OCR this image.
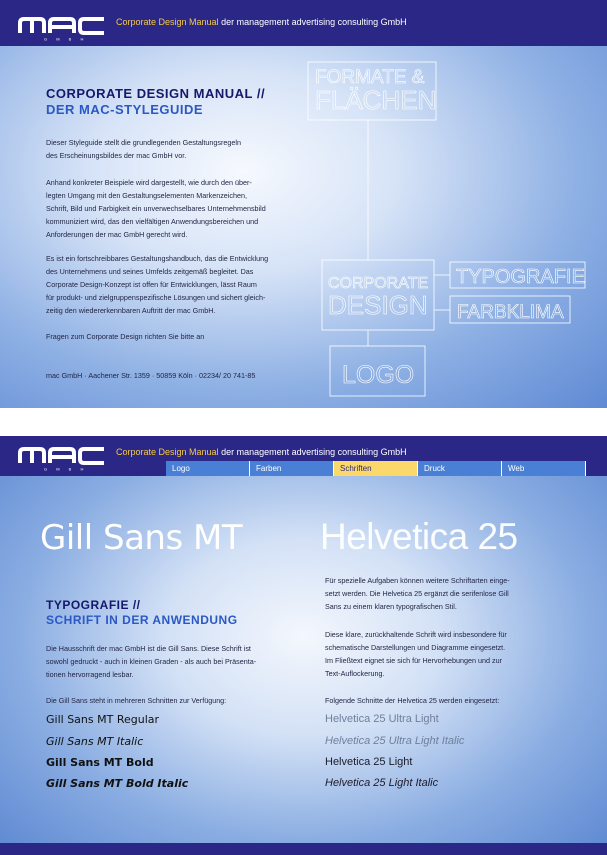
G M B H
Corporate Design Manual der management advertising consulting GmbH
CORPORATE DESIGN MANUAL //
DER MAC-STYLEGUIDE
Dieser Styleguide stellt die grundlegenden Gestaltungsregeln
des Erscheinungsbildes der mac GmbH vor.
Anhand konkreter Beispiele wird dargestellt, wie durch den über-
legten Umgang mit den Gestaltungselementen Markenzeichen,
Schrift, Bild und Farbigkeit ein unverwechselbares Unternehmensbild
kommuniziert wird, das den vielfältigen Anwendungsbereichen und
Anforderungen der mac GmbH gerecht wird.
Es ist ein fortschreibbares Gestaltungshandbuch, das die Entwicklung
des Unternehmens und seines Umfelds zeitgemäß begleitet. Das
Corporate Design-Konzept ist offen für Entwicklungen, lässt Raum
für produkt- und zielgruppenspezifische Lösungen und sichert gleich-
zeitig den wiedererkennbaren Auftritt der mac GmbH.
Fragen zum Corporate Design richten Sie bitte an
mac GmbH · Aachener Str. 1359 · 50859 Köln · 02234/ 20 741-85
FORMATE &
FLÄCHEN
CORPORATE
DESIGN
TYPOGRAFIE
FARBKLIMA
LOGO
G M B H
Corporate Design Manual der management advertising consulting GmbH
Logo	Farben	Schriften	Druck	Web
Gill Sans MT Helvetica 25
TYPOGRAFIE //
SCHRIFT IN DER ANWENDUNG
Die Hausschrift der mac GmbH ist die Gill Sans. Diese Schrift ist
sowohl gedruckt - auch in kleinen Graden - als auch bei Präsenta-
tionen hervorragend lesbar.
Die Gill Sans steht in mehreren Schnitten zur Verfügung:
Gill Sans MT Regular
Gill Sans MT Italic
Gill Sans MT Bold
Gill Sans MT Bold Italic
Für spezielle Aufgaben können weitere Schriftarten einge-
setzt werden. Die Helvetica 25 ergänzt die serifenlose Gill
Sans zu einem klaren typografischen Stil.
Diese klare, zurückhaltende Schrift wird insbesondere für
schematische Darstellungen und Diagramme eingesetzt.
Im Fließtext eignet sie sich für Hervorhebungen und zur
Text-Auflockerung.
Folgende Schnitte der Helvetica 25 werden eingesetzt:
Helvetica 25 Ultra Light
Helvetica 25 Ultra Light Italic
Helvetica 25 Light
Helvetica 25 Light Italic
